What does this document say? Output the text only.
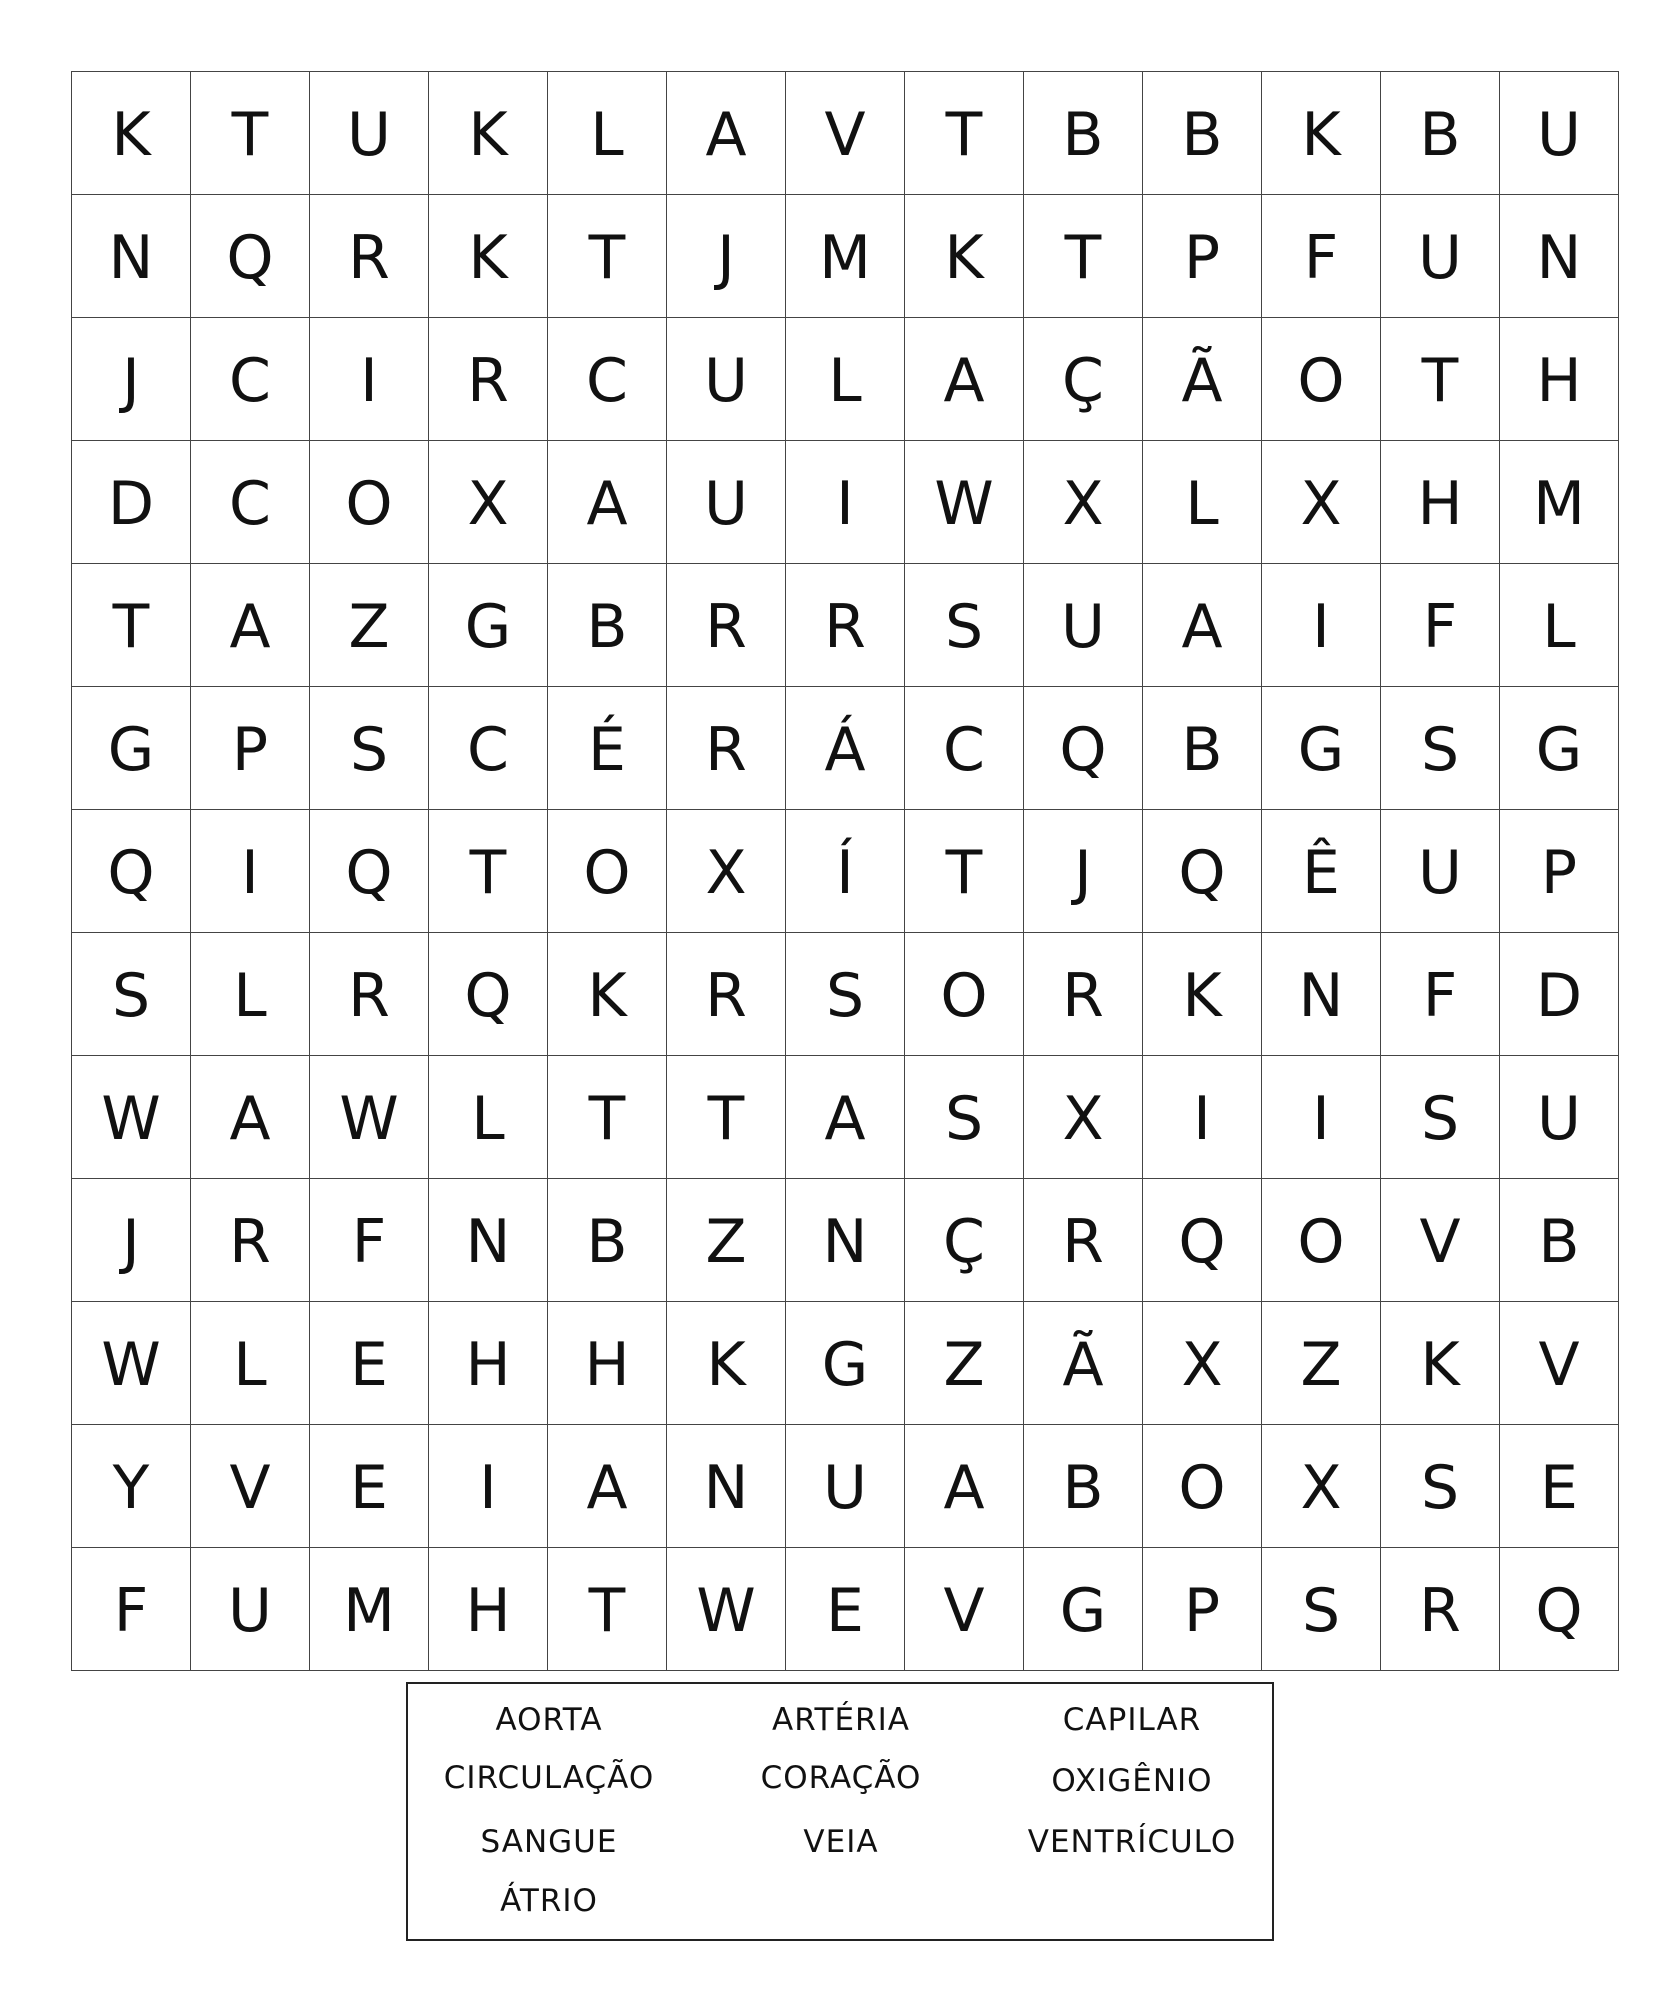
K	T	U	K	L	A	V	T	B	B	K	B	U
N	Q	R	K	T	J	M	K	T	P	F	U	N
J	C	I	R	C	U	L	A	Ç	Ã	O	T	H
D	C	O	X	A	U	I	W	X	L	X	H	M
T	A	Z	G	B	R	R	S	U	A	I	F	L
G	P	S	C	É	R	Á	C	Q	B	G	S	G
Q	I	Q	T	O	X	Í	T	J	Q	Ê	U	P
S	L	R	Q	K	R	S	O	R	K	N	F	D
W	A	W	L	T	T	A	S	X	I	I	S	U
J	R	F	N	B	Z	N	Ç	R	Q	O	V	B
W	L	E	H	H	K	G	Z	Ã	X	Z	K	V
Y	V	E	I	A	N	U	A	B	O	X	S	E
F	U	M	H	T	W	E	V	G	P	S	R	Q
AORTA	ARTÉRIA	CAPILAR
CIRCULAÇÃO	CORAÇÃO	OXIGÊNIO
SANGUE	VEIA	VENTRÍCULO
ÁTRIO
